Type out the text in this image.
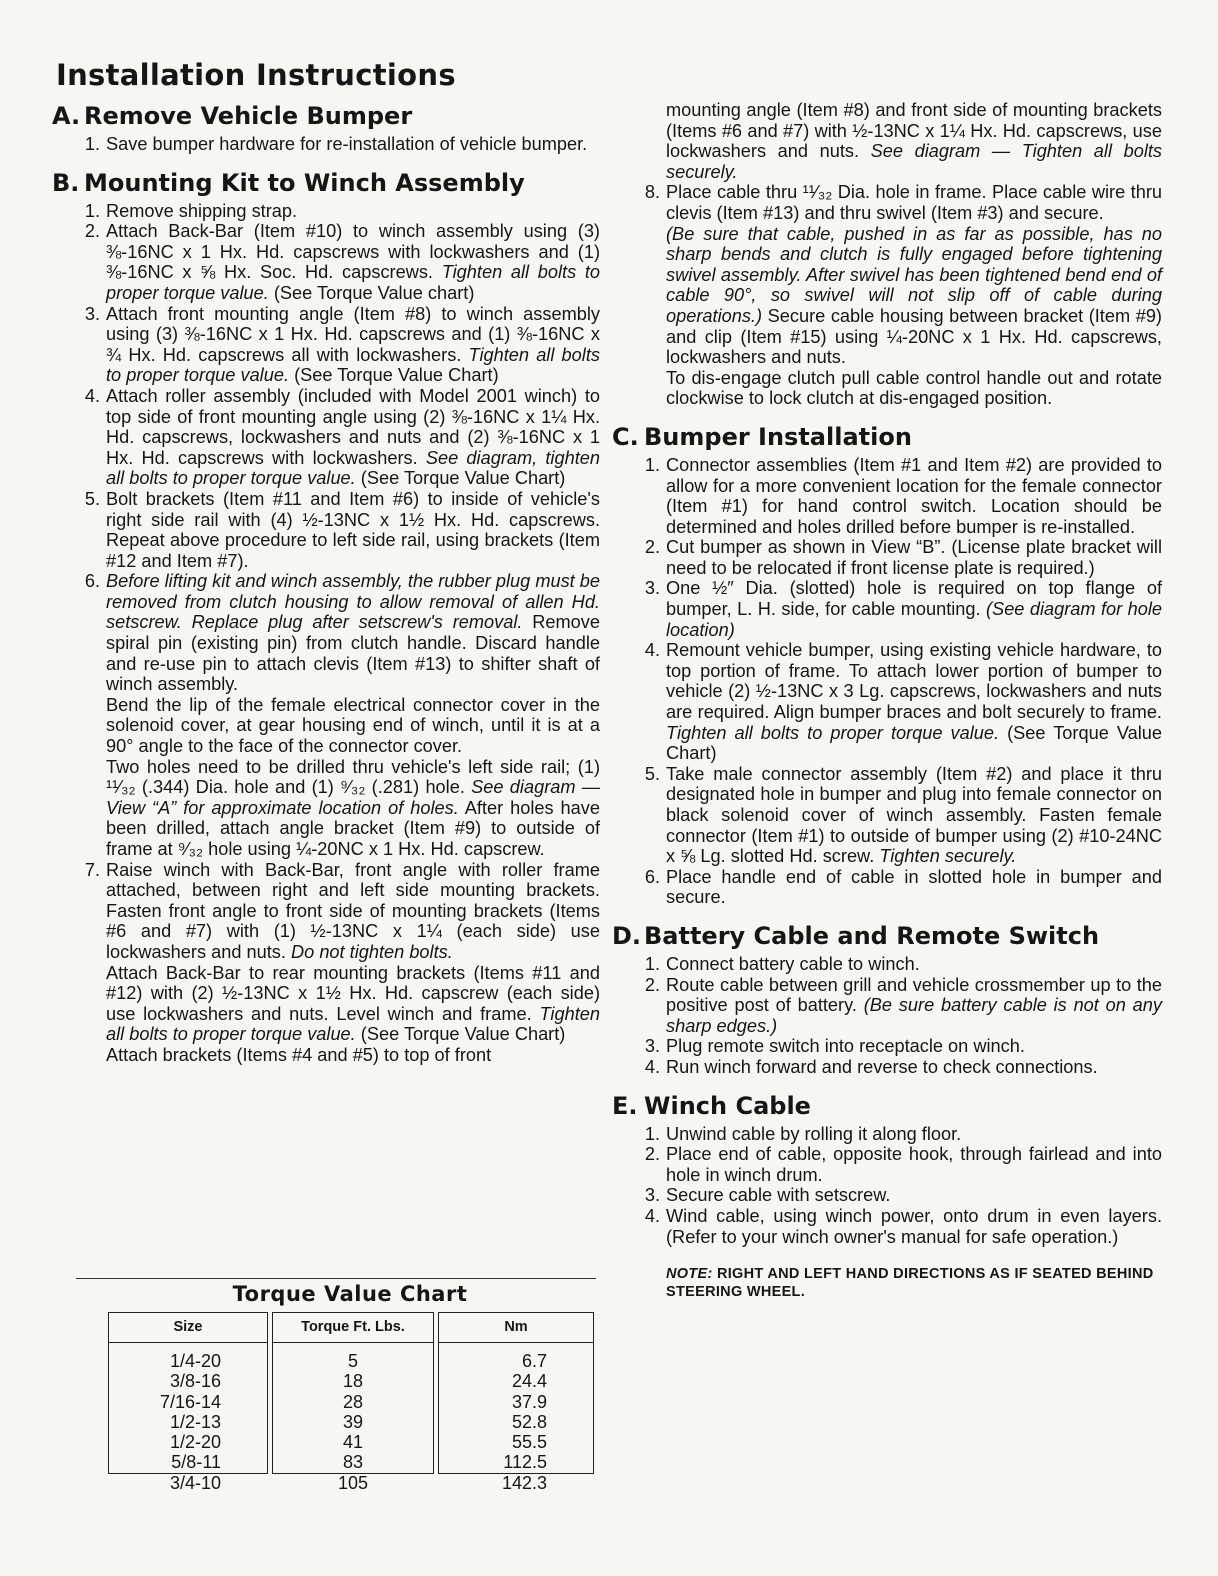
Installation Instructions
A. Remove Vehicle Bumper
1. Save bumper hardware for re-installation of vehicle bumper.
B. Mounting Kit to Winch Assembly
1. Remove shipping strap.
2. Attach Back-Bar (Item #10) to winch assembly using (3) ⅜-16NC x 1 Hx. Hd. capscrews with lockwashers and (1) ⅜-16NC x ⅝ Hx. Soc. Hd. capscrews. Tighten all bolts to proper torque value. (See Torque Value chart)
3. Attach front mounting angle (Item #8) to winch assembly using (3) ⅜-16NC x 1 Hx. Hd. capscrews and (1) ⅜-16NC x ¾ Hx. Hd. capscrews all with lockwashers. Tighten all bolts to proper torque value. (See Torque Value Chart)
4. Attach roller assembly (included with Model 2001 winch) to top side of front mounting angle using (2) ⅜-16NC x 1¼ Hx. Hd. capscrews, lockwashers and nuts and (2) ⅜-16NC x 1 Hx. Hd. capscrews with lockwashers. See diagram, tighten all bolts to proper torque value. (See Torque Value Chart)
5. Bolt brackets (Item #11 and Item #6) to inside of vehicle's right side rail with (4) ½-13NC x 1½ Hx. Hd. capscrews. Repeat above procedure to left side rail, using brackets (Item #12 and Item #7).
6. Before lifting kit and winch assembly, the rubber plug must be removed from clutch housing to allow removal of allen Hd. setscrew. Replace plug after setscrew's removal. Remove spiral pin (existing pin) from clutch handle. Discard handle and re-use pin to attach clevis (Item #13) to shifter shaft of winch assembly.
Bend the lip of the female electrical connector cover in the solenoid cover, at gear housing end of winch, until it is at a 90° angle to the face of the connector cover.
Two holes need to be drilled thru vehicle's left side rail; (1) ¹¹⁄₃₂ (.344) Dia. hole and (1) ⁹⁄₃₂ (.281) hole. See diagram — View “A” for approximate location of holes. After holes have been drilled, attach angle bracket (Item #9) to outside of frame at ⁹⁄₃₂ hole using ¼-20NC x 1 Hx. Hd. capscrew.
7. Raise winch with Back-Bar, front angle with roller frame attached, between right and left side mounting brackets. Fasten front angle to front side of mounting brackets (Items #6 and #7) with (1) ½-13NC x 1¼ (each side) use lockwashers and nuts. Do not tighten bolts.
Attach Back-Bar to rear mounting brackets (Items #11 and #12) with (2) ½-13NC x 1½ Hx. Hd. capscrew (each side) use lockwashers and nuts. Level winch and frame. Tighten all bolts to proper torque value. (See Torque Value Chart)
Attach brackets (Items #4 and #5) to top of front
Torque Value Chart
Size
1/4-20
3/8-16
7/16-14
1/2-13
1/2-20
5/8-11
3/4-10
Torque Ft. Lbs.
5
18
28
39
41
83
105
Nm
6.7
24.4
37.9
52.8
55.5
112.5
142.3
mounting angle (Item #8) and front side of mounting brackets (Items #6 and #7) with ½-13NC x 1¼ Hx. Hd. capscrews, use lockwashers and nuts. See diagram — Tighten all bolts securely.
8. Place cable thru ¹¹⁄₃₂ Dia. hole in frame. Place cable wire thru clevis (Item #13) and thru swivel (Item #3) and secure.
(Be sure that cable, pushed in as far as possible, has no sharp bends and clutch is fully engaged before tightening swivel assembly. After swivel has been tightened bend end of cable 90°, so swivel will not slip off of cable during operations.) Secure cable housing between bracket (Item #9) and clip (Item #15) using ¼-20NC x 1 Hx. Hd. capscrews, lockwashers and nuts.
To dis-engage clutch pull cable control handle out and rotate clockwise to lock clutch at dis-engaged position.
C. Bumper Installation
1. Connector assemblies (Item #1 and Item #2) are provided to allow for a more convenient location for the female connector (Item #1) for hand control switch. Location should be determined and holes drilled before bumper is re-installed.
2. Cut bumper as shown in View “B”. (License plate bracket will need to be relocated if front license plate is required.)
3. One ½″ Dia. (slotted) hole is required on top flange of bumper, L. H. side, for cable mounting. (See diagram for hole location)
4. Remount vehicle bumper, using existing vehicle hardware, to top portion of frame. To attach lower portion of bumper to vehicle (2) ½-13NC x 3 Lg. capscrews, lockwashers and nuts are required. Align bumper braces and bolt securely to frame. Tighten all bolts to proper torque value. (See Torque Value Chart)
5. Take male connector assembly (Item #2) and place it thru designated hole in bumper and plug into female connector on black solenoid cover of winch assembly. Fasten female connector (Item #1) to outside of bumper using (2) #10-24NC x ⅝ Lg. slotted Hd. screw. Tighten securely.
6. Place handle end of cable in slotted hole in bumper and secure.
D. Battery Cable and Remote Switch
1. Connect battery cable to winch.
2. Route cable between grill and vehicle crossmember up to the positive post of battery. (Be sure battery cable is not on any sharp edges.)
3. Plug remote switch into receptacle on winch.
4. Run winch forward and reverse to check connections.
E. Winch Cable
1. Unwind cable by rolling it along floor.
2. Place end of cable, opposite hook, through fairlead and into hole in winch drum.
3. Secure cable with setscrew.
4. Wind cable, using winch power, onto drum in even layers. (Refer to your winch owner's manual for safe operation.)
NOTE: RIGHT AND LEFT HAND DIRECTIONS AS IF SEATED BEHIND STEERING WHEEL.
